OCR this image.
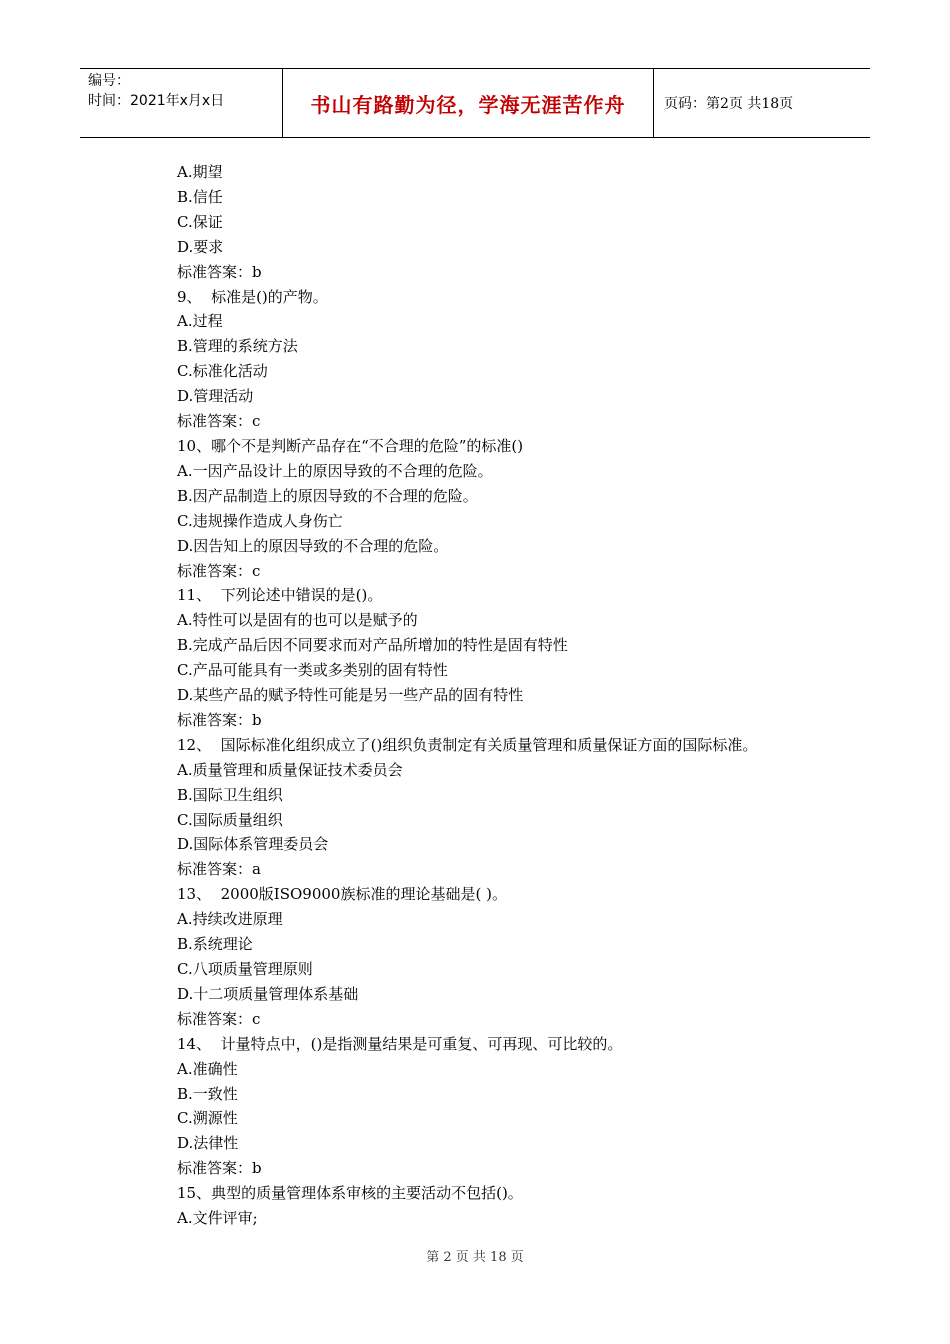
编号：
时间：2021年x月x日	书山有路勤为径，学海无涯苦作舟	页码：第2页 共18页
A.期望
B.信任
C.保证
D.要求
标准答案：b
9、  标准是()的产物。
A.过程
B.管理的系统方法
C.标准化活动
D.管理活动
标准答案：c
10、哪个不是判断产品存在“不合理的危险”的标准()
A.一因产品设计上的原因导致的不合理的危险。
B.因产品制造上的原因导致的不合理的危险。
C.违规操作造成人身伤亡
D.因告知上的原因导致的不合理的危险。
标准答案：c
11、  下列论述中错误的是()。
A.特性可以是固有的也可以是赋予的
B.完成产品后因不同要求而对产品所增加的特性是固有特性
C.产品可能具有一类或多类别的固有特性
D.某些产品的赋予特性可能是另一些产品的固有特性
标准答案：b
12、  国际标准化组织成立了()组织负责制定有关质量管理和质量保证方面的国际标准。
A.质量管理和质量保证技术委员会
B.国际卫生组织
C.国际质量组织
D.国际体系管理委员会
标准答案：a
13、  2000版ISO9000族标准的理论基础是( )。
A.持续改进原理
B.系统理论
C.八项质量管理原则
D.十二项质量管理体系基础
标准答案：c
14、  计量特点中，()是指测量结果是可重复、可再现、可比较的。
A.准确性
B.一致性
C.溯源性
D.法律性
标准答案：b
15、典型的质量管理体系审核的主要活动不包括()。
A.文件评审;
第 2 页 共 18 页
